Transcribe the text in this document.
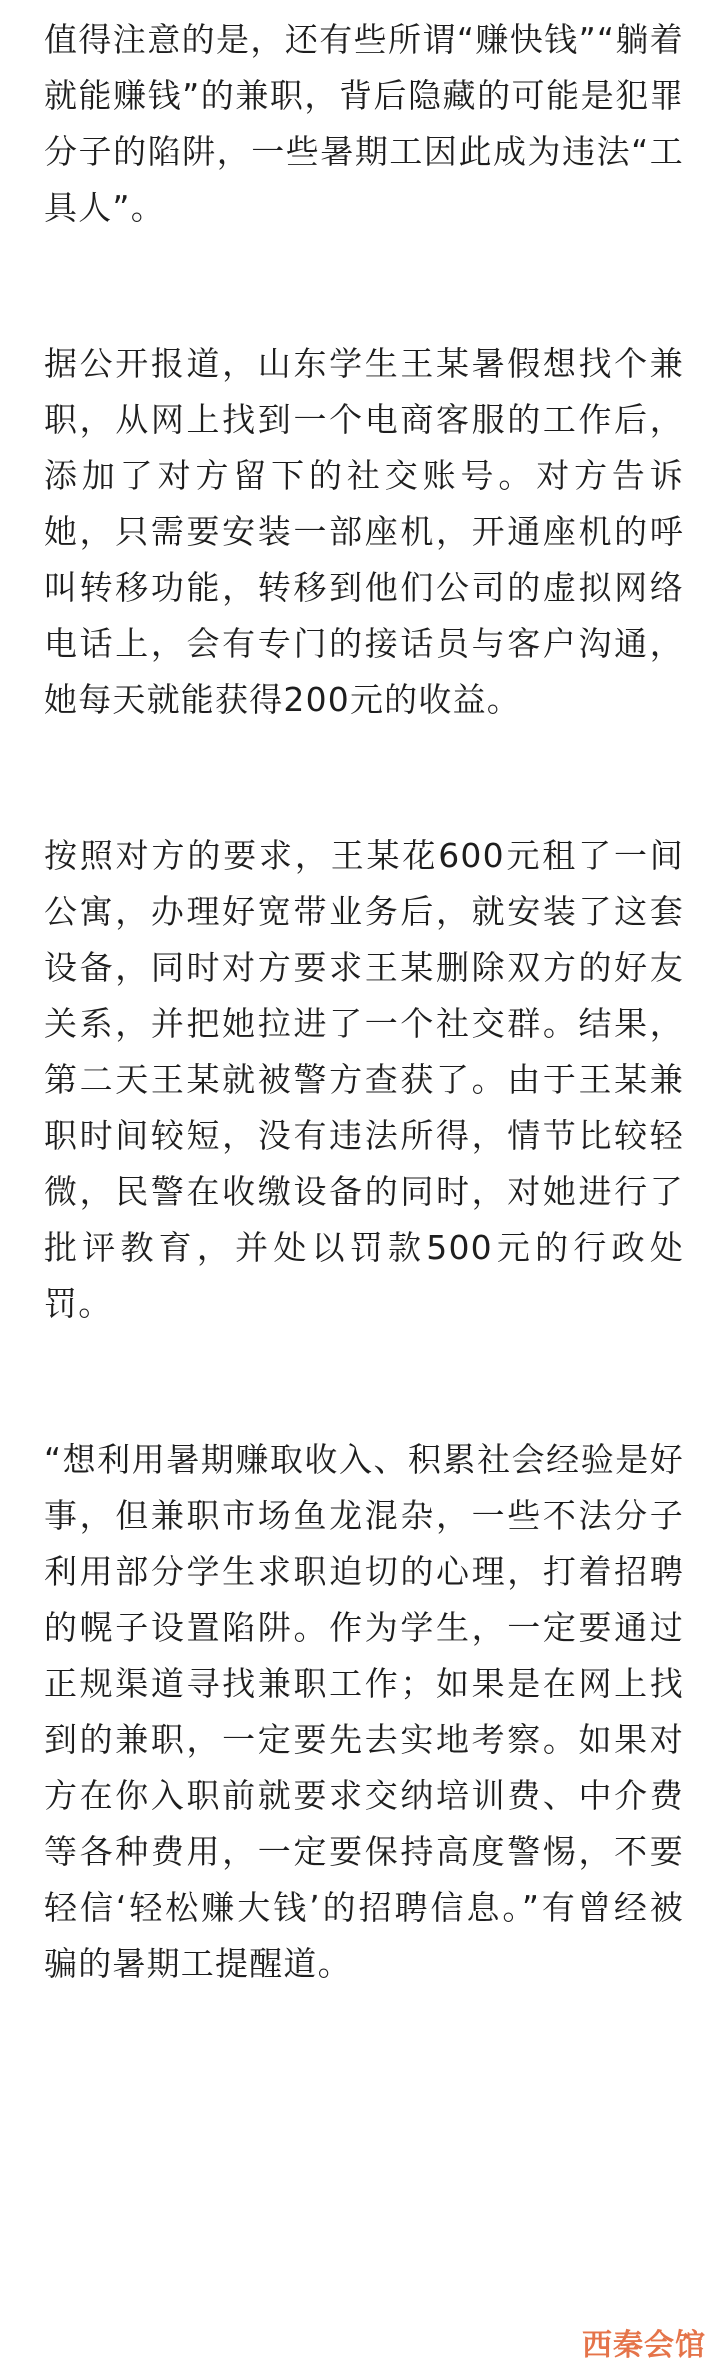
值得注意的是，还有些所谓“赚快钱”“躺着就能赚钱”的兼职，背后隐藏的可能是犯罪分子的陷阱，一些暑期工因此成为违法“工具人”。

据公开报道，山东学生王某暑假想找个兼职，从网上找到一个电商客服的工作后，添加了对方留下的社交账号。对方告诉她，只需要安装一部座机，开通座机的呼叫转移功能，转移到他们公司的虚拟网络电话上，会有专门的接话员与客户沟通，她每天就能获得200元的收益。

按照对方的要求，王某花600元租了一间公寓，办理好宽带业务后，就安装了这套设备，同时对方要求王某删除双方的好友关系，并把她拉进了一个社交群。结果，第二天王某就被警方查获了。由于王某兼职时间较短，没有违法所得，情节比较轻微，民警在收缴设备的同时，对她进行了批评教育，并处以罚款500元的行政处罚。

“想利用暑期赚取收入、积累社会经验是好事，但兼职市场鱼龙混杂，一些不法分子利用部分学生求职迫切的心理，打着招聘的幌子设置陷阱。作为学生，一定要通过正规渠道寻找兼职工作；如果是在网上找到的兼职，一定要先去实地考察。如果对方在你入职前就要求交纳培训费、中介费等各种费用，一定要保持高度警惕，不要轻信‘轻松赚大钱’的招聘信息。”有曾经被骗的暑期工提醒道。

西秦会馆
